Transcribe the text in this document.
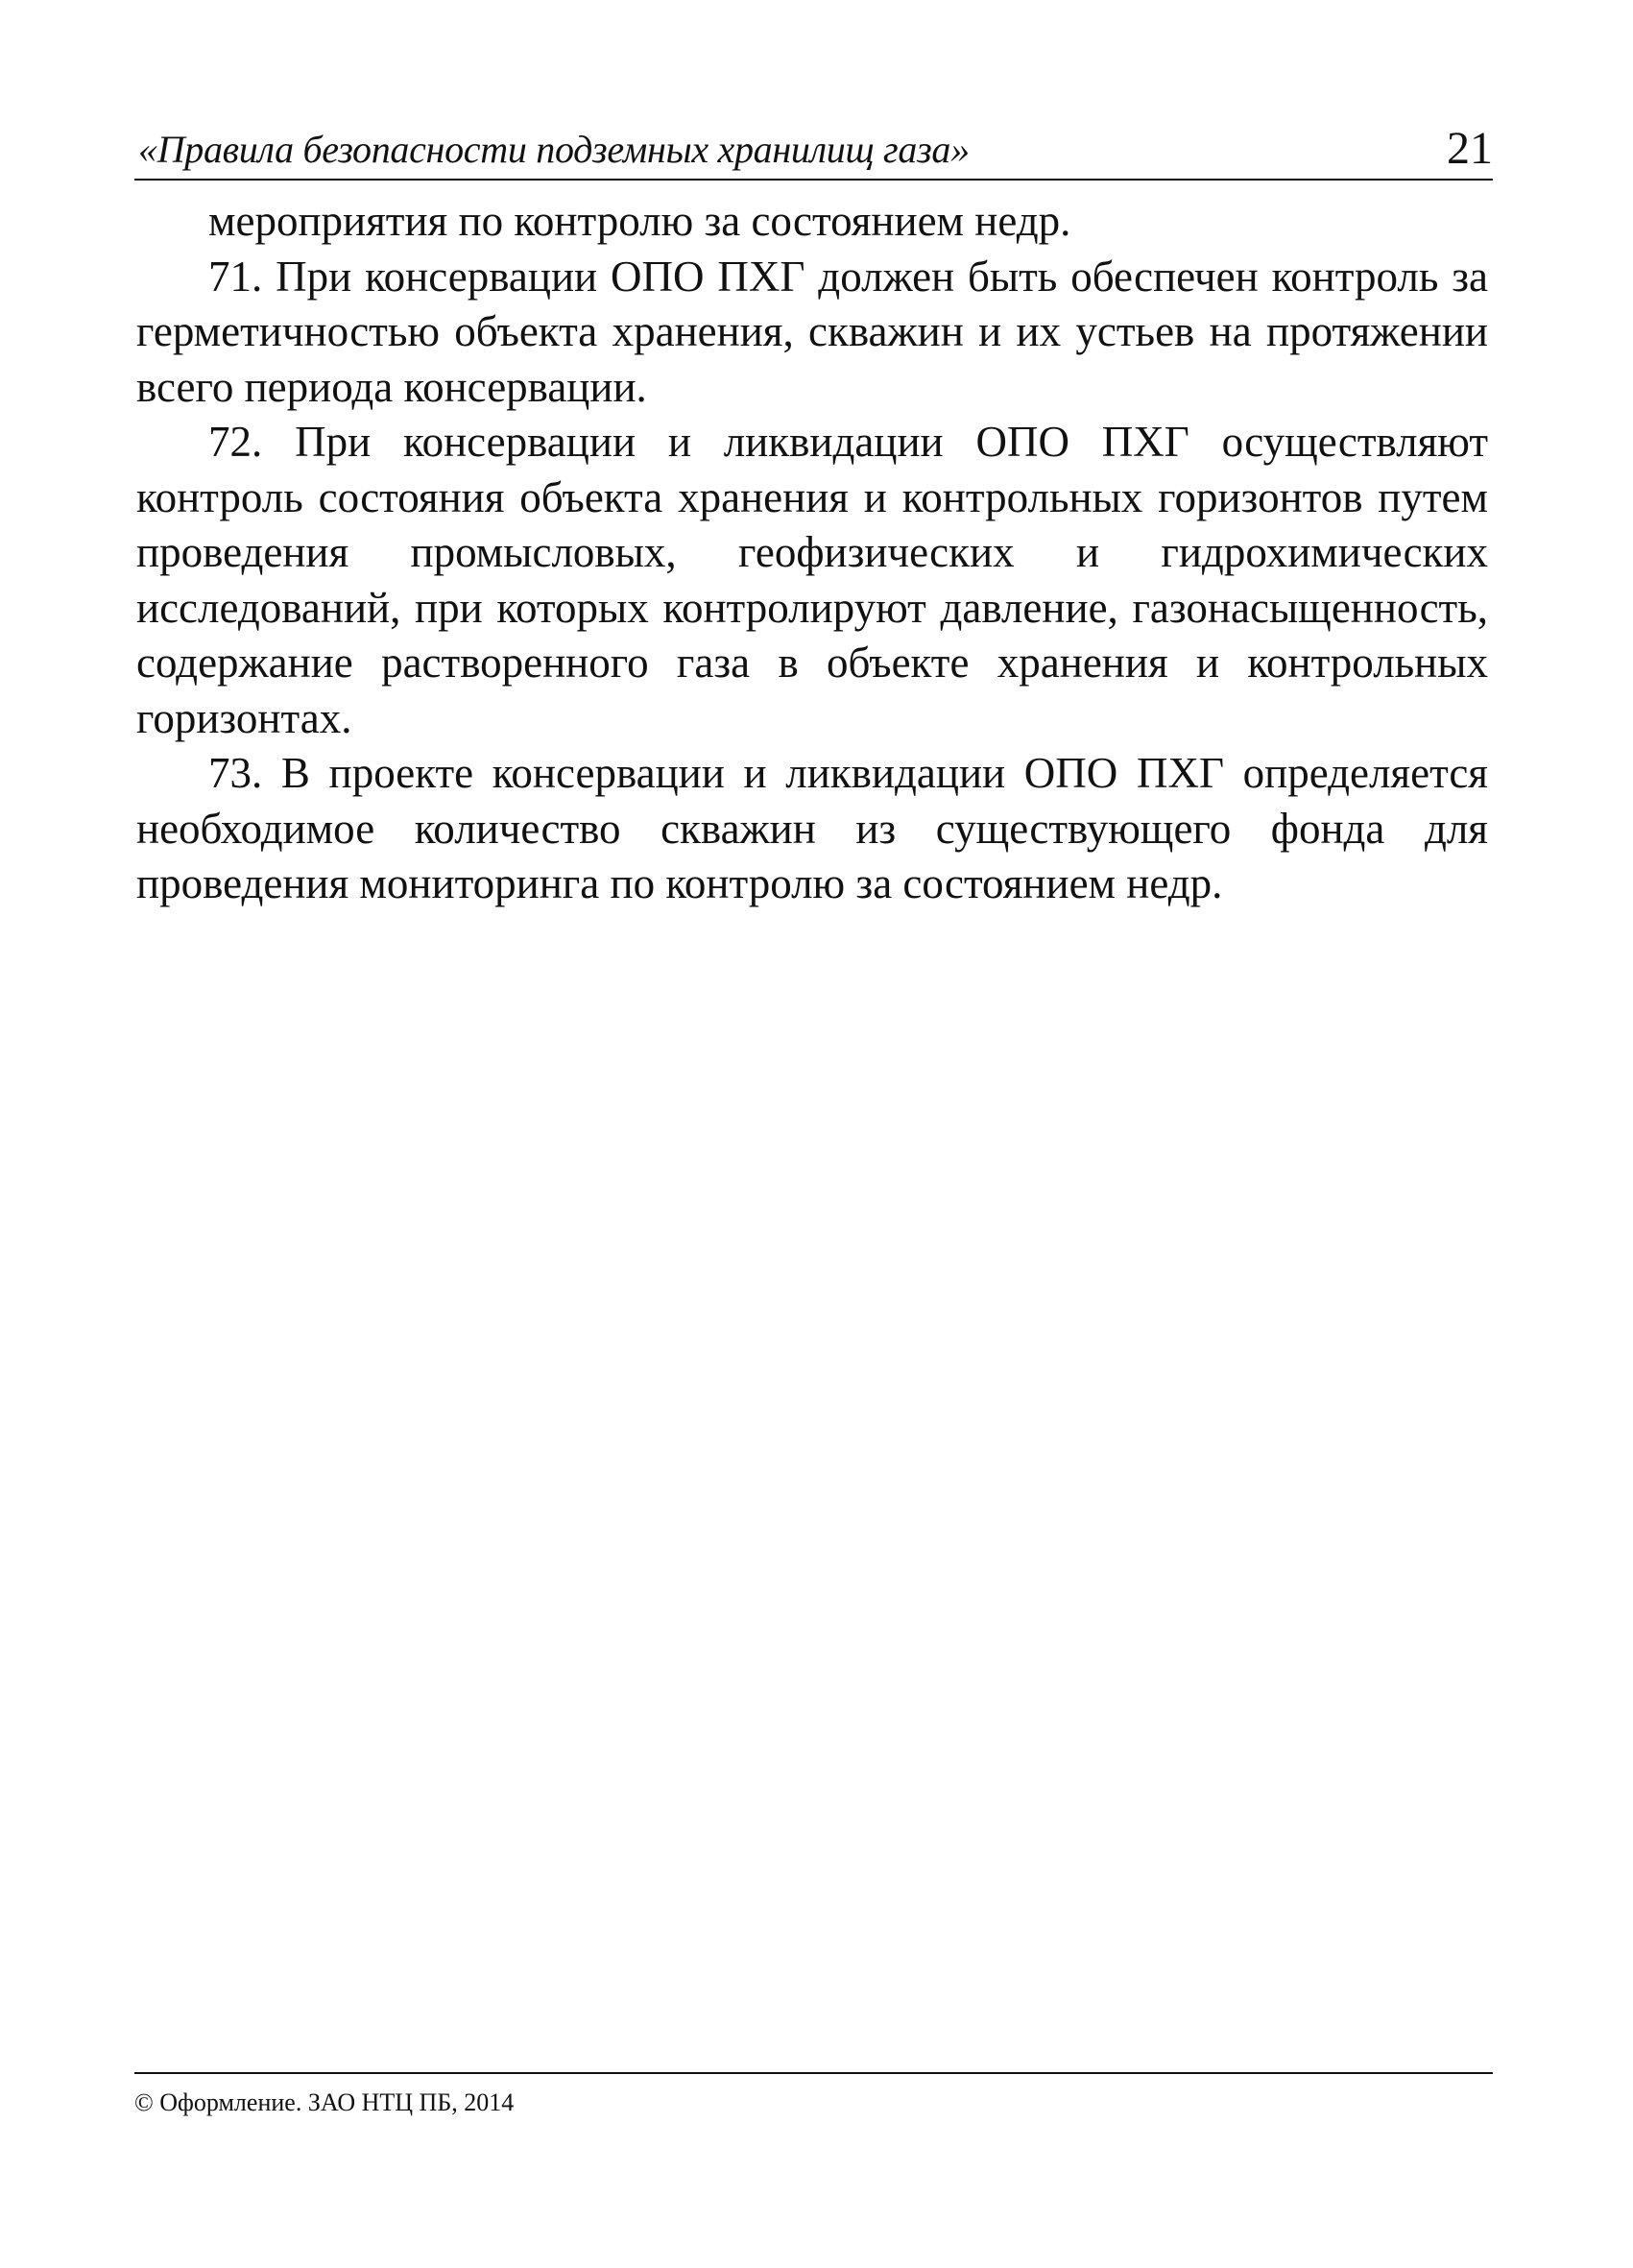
«Правила безопасности подземных хранилищ газа»	21

мероприятия по контролю за состоянием недр.

71. При консервации ОПО ПХГ должен быть обеспечен контроль за герметичностью объекта хранения, скважин и их устьев на протяжении всего периода консервации.

72. При консервации и ликвидации ОПО ПХГ осуществляют контроль состояния объекта хранения и контрольных горизонтов путем проведения промысловых, геофизических и гидрохимических исследований, при которых контролируют давление, газонасыщенность, содержание растворенного газа в объекте хранения и контрольных горизонтах.

73. В проекте консервации и ликвидации ОПО ПХГ определяется необходимое количество скважин из существующего фонда для проведения мониторинга по контролю за состоянием недр.

© Оформление. ЗАО НТЦ ПБ, 2014
